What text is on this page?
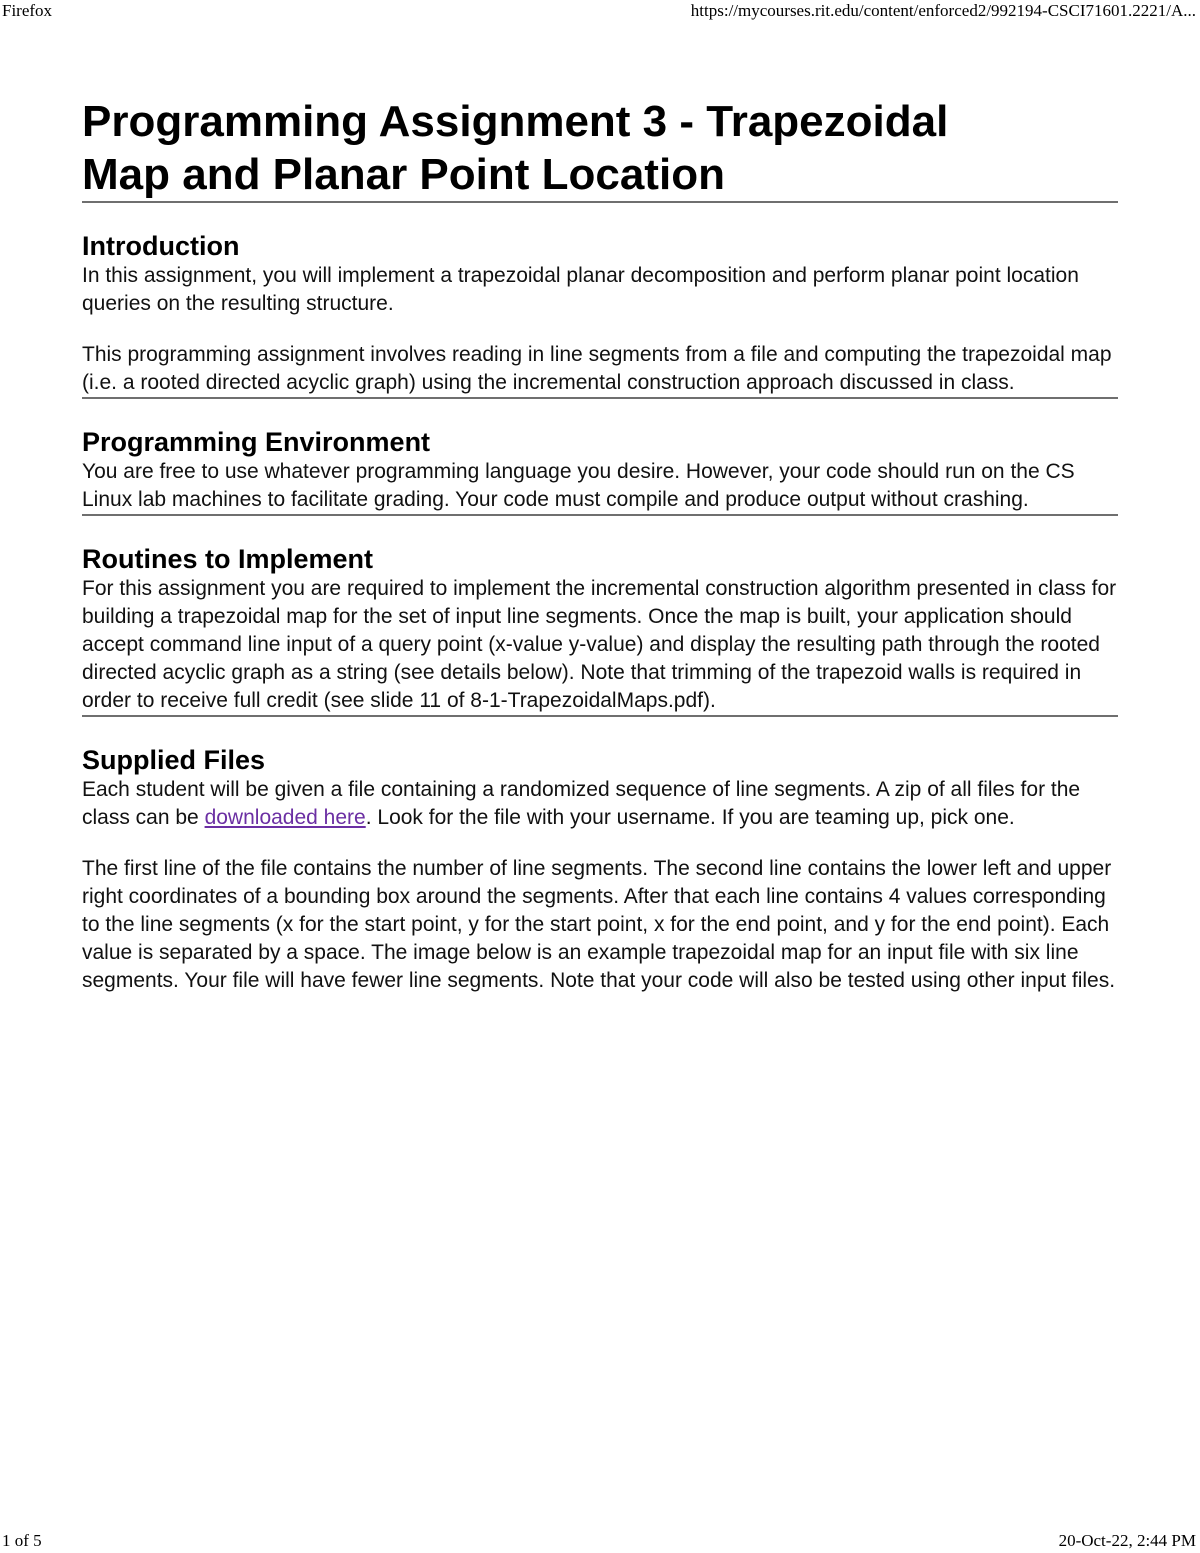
Firefox	https://mycourses.rit.edu/content/enforced2/992194-CSCI71601.2221/A...
Programming Assignment 3 - Trapezoidal
Map and Planar Point Location
Introduction

In this assignment, you will implement a trapezoidal planar decomposition and perform planar point location queries on the resulting structure.

This programming assignment involves reading in line segments from a file and computing the trapezoidal map (i.e. a rooted directed acyclic graph) using the incremental construction approach discussed in class.

Programming Environment

You are free to use whatever programming language you desire. However, your code should run on the CS Linux lab machines to facilitate grading. Your code must compile and produce output without crashing.

Routines to Implement

For this assignment you are required to implement the incremental construction algorithm presented in class for building a trapezoidal map for the set of input line segments. Once the map is built, your application should accept command line input of a query point (x-value y-value) and display the resulting path through the rooted directed acyclic graph as a string (see details below). Note that trimming of the trapezoid walls is required in order to receive full credit (see slide 11 of 8-1-TrapezoidalMaps.pdf).

Supplied Files

Each student will be given a file containing a randomized sequence of line segments. A zip of all files for the class can be downloaded here. Look for the file with your username. If you are teaming up, pick one.

The first line of the file contains the number of line segments. The second line contains the lower left and upper right coordinates of a bounding box around the segments. After that each line contains 4 values corresponding to the line segments (x for the start point, y for the start point, x for the end point, and y for the end point). Each value is separated by a space. The image below is an example trapezoidal map for an input file with six line segments. Your file will have fewer line segments. Note that your code will also be tested using other input files.

1 of 5	20-Oct-22, 2:44 PM
